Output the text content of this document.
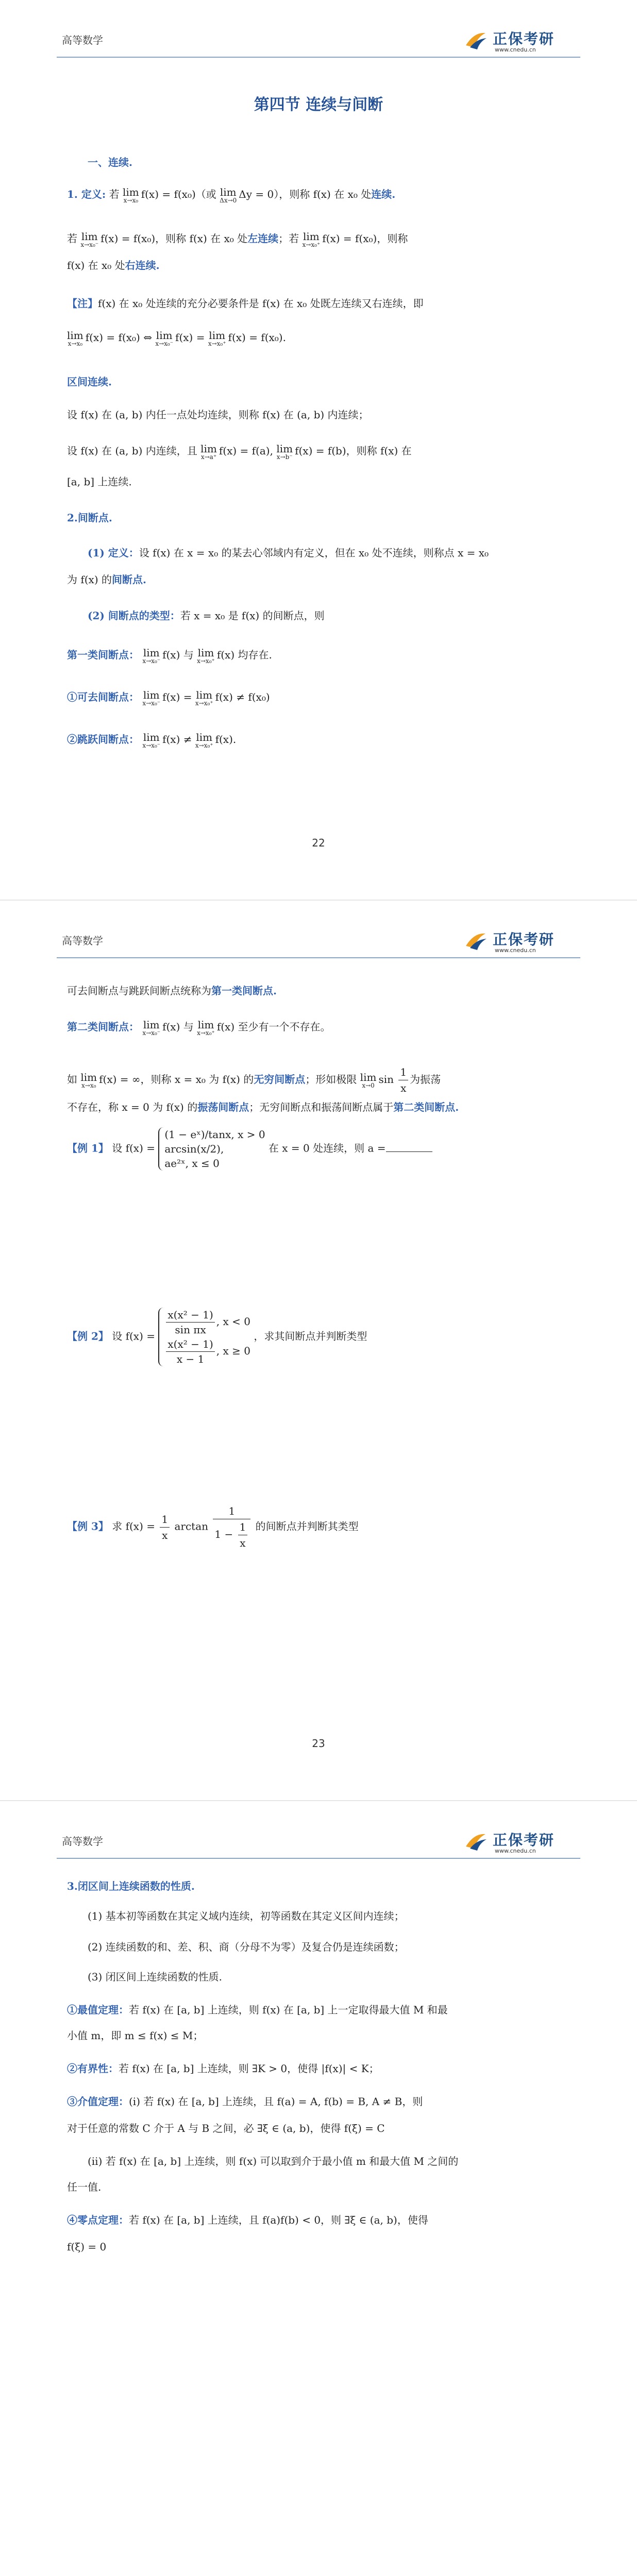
高等数学	正保考研
www.cnedu.cn
第四节 连续与间断
一、连续.
1. 定义: 若 lim
x→x₀ f(x) = f(x₀)（或 lim
Δx→0 Δy = 0），则称 f(x) 在 x₀ 处连续.
若 lim
x→x₀⁻ f(x) = f(x₀)，则称 f(x) 在 x₀ 处左连续；若 lim
x→x₀⁺ f(x) = f(x₀)，则称
f(x) 在 x₀ 处右连续.
【注】f(x) 在 x₀ 处连续的充分必要条件是 f(x) 在 x₀ 处既左连续又右连续，即
lim
x→x₀ f(x) = f(x₀) ⇔ lim
x→x₀⁻ f(x) = lim
x→x₀⁺ f(x) = f(x₀).
区间连续.
设 f(x) 在 (a, b) 内任一点处均连续，则称 f(x) 在 (a, b) 内连续；
设 f(x) 在 (a, b) 内连续，且 lim
x→a⁺ f(x) = f(a), lim
x→b⁻ f(x) = f(b)，则称 f(x) 在
[a, b] 上连续.
2.间断点.
(1) 定义：设 f(x) 在 x = x₀ 的某去心邻域内有定义，但在 x₀ 处不连续，则称点 x = x₀
为 f(x) 的间断点.
(2) 间断点的类型：若 x = x₀ 是 f(x) 的间断点，则
第一类间断点： lim
x→x₀⁻ f(x) 与 lim
x→x₀⁺ f(x) 均存在.
①可去间断点： lim
x→x₀⁻ f(x) = lim
x→x₀⁺ f(x) ≠ f(x₀)
②跳跃间断点： lim
x→x₀⁻ f(x) ≠ lim
x→x₀⁺ f(x).
22
高等数学	正保考研
www.cnedu.cn
可去间断点与跳跃间断点统称为第一类间断点.
第二类间断点： lim
x→x₀⁻ f(x) 与 lim
x→x₀⁺ f(x) 至少有一个不存在。
如 lim
x→x₀ f(x) = ∞，则称 x = x₀ 为 f(x) 的无穷间断点；形如极限 lim
x→0 $\sin \frac{1}{x}$ 为振荡
不存在，称 x = 0 为 f(x) 的振荡间断点；无穷间断点和振荡间断点属于第二类间断点.
【例 1】 设 f(x) =
(1 − eˣ)/tanx, x > 0
arcsin(x/2),
ae²ˣ, x ≤ 0
在 x = 0 处连续，则 a =
【例 2】 设 $f(x) = \frac{\text{x(x² − 1)}}{\text{sin πx}}$ , x < 0
$\frac{\text{x(x² − 1)}}{x - 1}$ , x ≥ 0
，求其间断点并判断类型
【例 3】 求 $f(x) = \frac{1}{x}$ $\arctan \frac{1}{1 - \frac{1}{x}}$ 的间断点并判断其类型
23
高等数学	正保考研
www.cnedu.cn
3.闭区间上连续函数的性质.
(1) 基本初等函数在其定义域内连续，初等函数在其定义区间内连续；
(2) 连续函数的和、差、积、商（分母不为零）及复合仍是连续函数；
(3) 闭区间上连续函数的性质.
①最值定理：若 f(x) 在 [a, b] 上连续，则 f(x) 在 [a, b] 上一定取得最大值 M 和最
小值 m，即 m ≤ f(x) ≤ M；
②有界性：若 f(x) 在 [a, b] 上连续，则 ∃K > 0，使得 |f(x)| < K；
③介值定理：(ⅰ) 若 f(x) 在 [a, b] 上连续，且 f(a) = A, f(b) = B, A ≠ B，则
对于任意的常数 C 介于 A 与 B 之间，必 ∃ξ ∈ (a, b)，使得 f(ξ) = C
(ⅱ) 若 f(x) 在 [a, b] 上连续，则 f(x) 可以取到介于最小值 m 和最大值 M 之间的
任一值.
④零点定理：若 f(x) 在 [a, b] 上连续，且 f(a)f(b) < 0，则 ∃ξ ∈ (a, b)，使得
f(ξ) = 0
